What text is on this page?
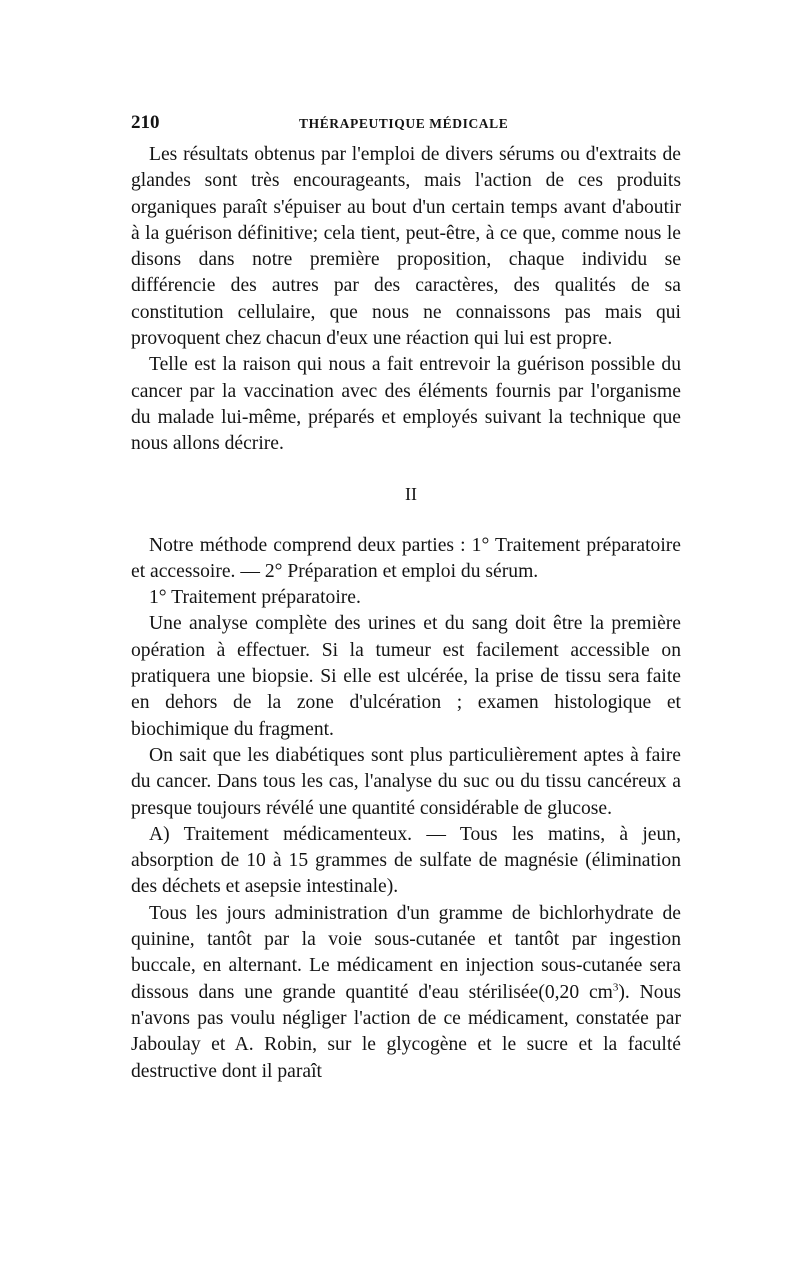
210	THÉRAPEUTIQUE MÉDICALE

Les résultats obtenus par l'emploi de divers sérums ou d'extraits de glandes sont très encourageants, mais l'action de ces produits organiques paraît s'épuiser au bout d'un certain temps avant d'aboutir à la guérison définitive; cela tient, peut-être, à ce que, comme nous le disons dans notre première proposition, chaque individu se différencie des autres par des caractères, des qualités de sa constitution cellulaire, que nous ne connaissons pas mais qui provoquent chez chacun d'eux une réaction qui lui est propre.

Telle est la raison qui nous a fait entrevoir la guérison possible du cancer par la vaccination avec des éléments fournis par l'organisme du malade lui-même, préparés et employés suivant la technique que nous allons décrire.

II

Notre méthode comprend deux parties : 1° Traitement préparatoire et accessoire. — 2° Préparation et emploi du sérum.

1° Traitement préparatoire.

Une analyse complète des urines et du sang doit être la première opération à effectuer. Si la tumeur est facilement accessible on pratiquera une biopsie. Si elle est ulcérée, la prise de tissu sera faite en dehors de la zone d'ulcération ; examen histologique et biochimique du fragment.

On sait que les diabétiques sont plus particulièrement aptes à faire du cancer. Dans tous les cas, l'analyse du suc ou du tissu cancéreux a presque toujours révélé une quantité considérable de glucose.

A) Traitement médicamenteux. — Tous les matins, à jeun, absorption de 10 à 15 grammes de sulfate de magnésie (élimination des déchets et asepsie intestinale).

Tous les jours administration d'un gramme de bichlorhydrate de quinine, tantôt par la voie sous-cutanée et tantôt par ingestion buccale, en alternant. Le médicament en injection sous-cutanée sera dissous dans une grande quantité d'eau stérilisée(0,20 $cm^3$). Nous n'avons pas voulu négliger l'action de ce médicament, constatée par Jaboulay et A. Robin, sur le glycogène et le sucre et la faculté destructive dont il paraît
